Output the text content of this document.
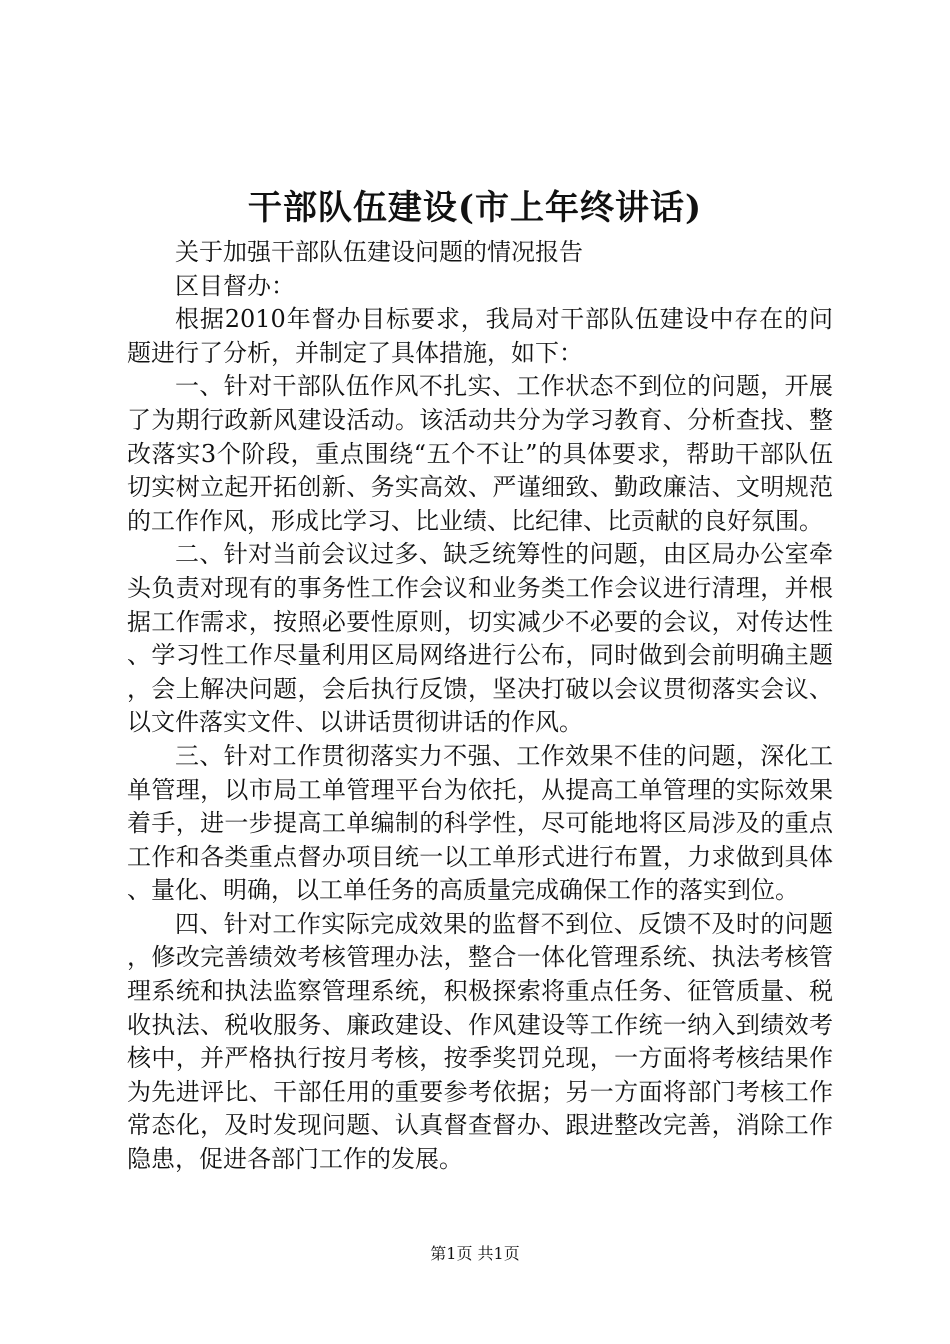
干部队伍建设(市上年终讲话)

关于加强干部队伍建设问题的情况报告

区目督办：

根据2010年督办目标要求，我局对干部队伍建设中存在的问题进行了分析，并制定了具体措施，如下：

一、针对干部队伍作风不扎实、工作状态不到位的问题，开展了为期行政新风建设活动。该活动共分为学习教育、分析查找、整改落实3个阶段，重点围绕“五个不让”的具体要求，帮助干部队伍切实树立起开拓创新、务实高效、严谨细致、勤政廉洁、文明规范的工作作风，形成比学习、比业绩、比纪律、比贡献的良好氛围。

二、针对当前会议过多、缺乏统筹性的问题，由区局办公室牵头负责对现有的事务性工作会议和业务类工作会议进行清理，并根据工作需求，按照必要性原则，切实减少不必要的会议，对传达性、学习性工作尽量利用区局网络进行公布，同时做到会前明确主题，会上解决问题，会后执行反馈，坚决打破以会议贯彻落实会议、以文件落实文件、以讲话贯彻讲话的作风。

三、针对工作贯彻落实力不强、工作效果不佳的问题，深化工单管理，以市局工单管理平台为依托，从提高工单管理的实际效果着手，进一步提高工单编制的科学性，尽可能地将区局涉及的重点工作和各类重点督办项目统一以工单形式进行布置，力求做到具体、量化、明确，以工单任务的高质量完成确保工作的落实到位。

四、针对工作实际完成效果的监督不到位、反馈不及时的问题，修改完善绩效考核管理办法，整合一体化管理系统、执法考核管理系统和执法监察管理系统，积极探索将重点任务、征管质量、税收执法、税收服务、廉政建设、作风建设等工作统一纳入到绩效考核中，并严格执行按月考核，按季奖罚兑现，一方面将考核结果作为先进评比、干部任用的重要参考依据；另一方面将部门考核工作常态化，及时发现问题、认真督查督办、跟进整改完善，消除工作隐患，促进各部门工作的发展。

第1页 共1页
